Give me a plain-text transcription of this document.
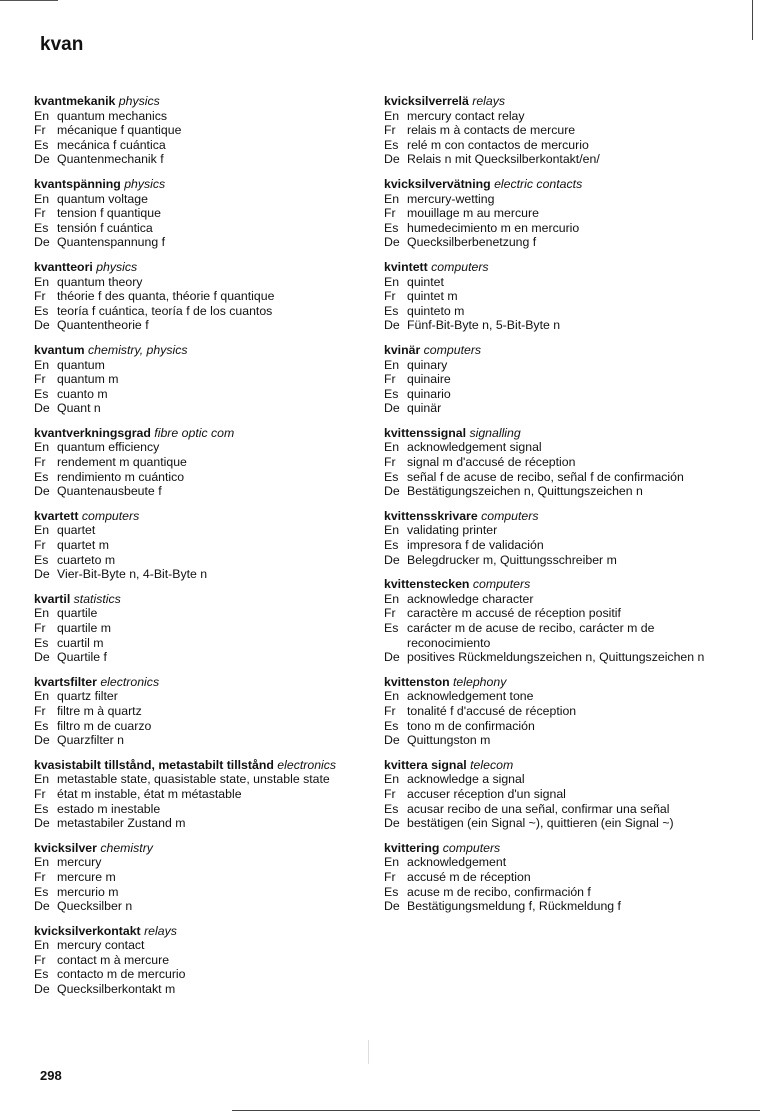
kvan
kvantmekanik physics
En quantum mechanics
Fr mécanique f quantique
Es mecánica f cuántica
De Quantenmechanik f
kvantspänning physics
En quantum voltage
Fr tension f quantique
Es tensión f cuántica
De Quantenspannung f
kvantteori physics
En quantum theory
Fr théorie f des quanta, théorie f quantique
Es teoría f cuántica, teoría f de los cuantos
De Quantentheorie f
kvantum chemistry, physics
En quantum
Fr quantum m
Es cuanto m
De Quant n
kvantverkningsgrad fibre optic com
En quantum efficiency
Fr rendement m quantique
Es rendimiento m cuántico
De Quantenausbeute f
kvartett computers
En quartet
Fr quartet m
Es cuarteto m
De Vier-Bit-Byte n, 4-Bit-Byte n
kvartil statistics
En quartile
Fr quartile m
Es cuartil m
De Quartile f
kvartsfilter electronics
En quartz filter
Fr filtre m à quartz
Es filtro m de cuarzo
De Quarzfilter n
kvasistabilt tillstånd, metastabilt tillstånd electronics
En metastable state, quasistable state, unstable state
Fr état m instable, état m métastable
Es estado m inestable
De metastabiler Zustand m
kvicksilver chemistry
En mercury
Fr mercure m
Es mercurio m
De Quecksilber n
kvicksilverkontakt relays
En mercury contact
Fr contact m à mercure
Es contacto m de mercurio
De Quecksilberkontakt m
kvicksilverrelä relays
En mercury contact relay
Fr relais m à contacts de mercure
Es relé m con contactos de mercurio
De Relais n mit Quecksilberkontakt/en/
kvicksilvervätning electric contacts
En mercury-wetting
Fr mouillage m au mercure
Es humedecimiento m en mercurio
De Quecksilberbenetzung f
kvintett computers
En quintet
Fr quintet m
Es quinteto m
De Fünf-Bit-Byte n, 5-Bit-Byte n
kvinär computers
En quinary
Fr quinaire
Es quinario
De quinär
kvittenssignal signalling
En acknowledgement signal
Fr signal m d'accusé de réception
Es señal f de acuse de recibo, señal f de confirmación
De Bestätigungszeichen n, Quittungszeichen n
kvittensskrivare computers
En validating printer
Es impresora f de validación
De Belegdrucker m, Quittungsschreiber m
kvittenstecken computers
En acknowledge character
Fr caractère m accusé de réception positif
Es carácter m de acuse de recibo, carácter m de reconocimiento
De positives Rückmeldungszeichen n, Quittungszeichen n
kvittenston telephony
En acknowledgement tone
Fr tonalité f d'accusé de réception
Es tono m de confirmación
De Quittungston m
kvittera signal telecom
En acknowledge a signal
Fr accuser réception d'un signal
Es acusar recibo de una señal, confirmar una señal
De bestätigen (ein Signal ~), quittieren (ein Signal ~)
kvittering computers
En acknowledgement
Fr accusé m de réception
Es acuse m de recibo, confirmación f
De Bestätigungsmeldung f, Rückmeldung f
298
